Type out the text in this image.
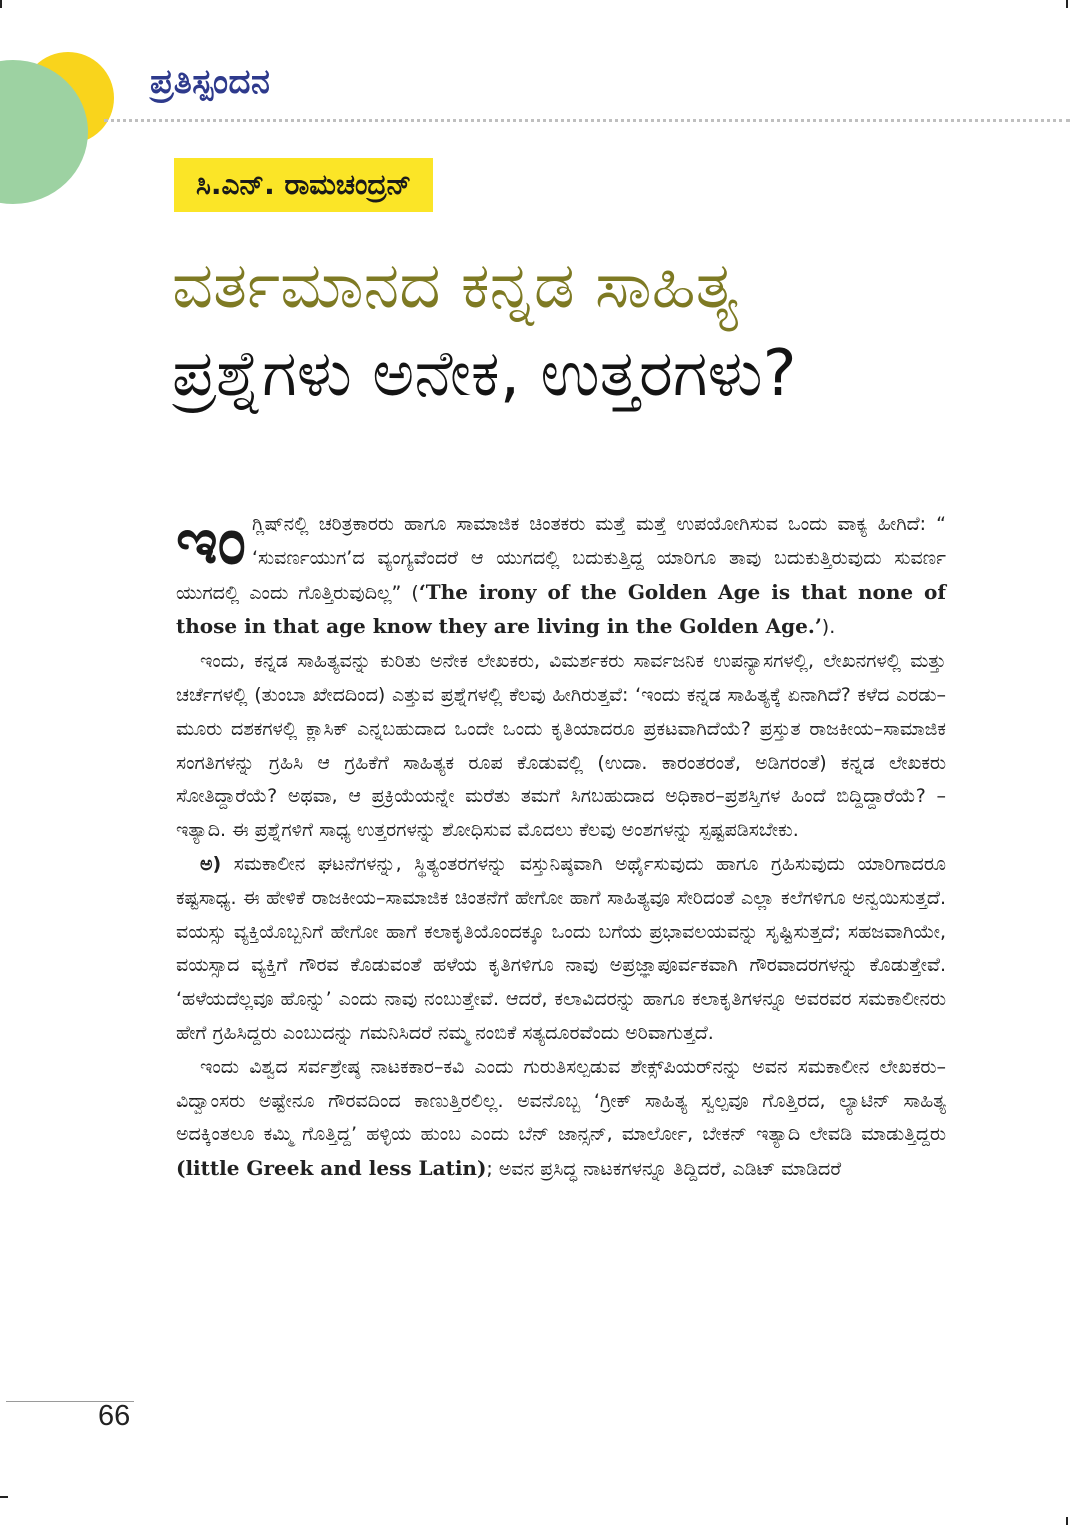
ಪ್ರತಿಸ್ಪಂದನ
ಸಿ.ಎನ್. ರಾಮಚಂದ್ರನ್
ವರ್ತಮಾನದ ಕನ್ನಡ ಸಾಹಿತ್ಯ
ಪ್ರಶ್ನೆಗಳು ಅನೇಕ, ಉತ್ತರಗಳು?

ಇಂಗ್ಲಿಷ್‌ನಲ್ಲಿ ಚರಿತ್ರಕಾರರು ಹಾಗೂ ಸಾಮಾಜಿಕ ಚಿಂತಕರು ಮತ್ತೆ ಮತ್ತೆ ಉಪಯೋಗಿಸುವ ಒಂದು ವಾಕ್ಯ ಹೀಗಿದೆ: “ ‘ಸುವರ್ಣಯುಗ’ದ ವ್ಯಂಗ್ಯವೆಂದರೆ ಆ ಯುಗದಲ್ಲಿ ಬದುಕುತ್ತಿದ್ದ ಯಾರಿಗೂ ತಾವು ಬದುಕುತ್ತಿರುವುದು ಸುವರ್ಣ ಯುಗದಲ್ಲಿ ಎಂದು ಗೊತ್ತಿರುವುದಿಲ್ಲ” (‘The irony of the Golden Age is that none of those in that age know they are living in the Golden Age.’).

ಇಂದು, ಕನ್ನಡ ಸಾಹಿತ್ಯವನ್ನು ಕುರಿತು ಅನೇಕ ಲೇಖಕರು, ವಿಮರ್ಶಕರು ಸಾರ್ವಜನಿಕ ಉಪನ್ಯಾಸಗಳಲ್ಲಿ, ಲೇಖನಗಳಲ್ಲಿ ಮತ್ತು ಚರ್ಚೆಗಳಲ್ಲಿ (ತುಂಬಾ ಖೇದದಿಂದ) ಎತ್ತುವ ಪ್ರಶ್ನೆಗಳಲ್ಲಿ ಕೆಲವು ಹೀಗಿರುತ್ತವೆ: ‘ಇಂದು ಕನ್ನಡ ಸಾಹಿತ್ಯಕ್ಕೆ ಏನಾಗಿದೆ? ಕಳೆದ ಎರಡು–ಮೂರು ದಶಕಗಳಲ್ಲಿ ಕ್ಲಾಸಿಕ್ ಎನ್ನಬಹುದಾದ ಒಂದೇ ಒಂದು ಕೃತಿಯಾದರೂ ಪ್ರಕಟವಾಗಿದೆಯೆ? ಪ್ರಸ್ತುತ ರಾಜಕೀಯ–ಸಾಮಾಜಿಕ ಸಂಗತಿಗಳನ್ನು ಗ್ರಹಿಸಿ ಆ ಗ್ರಹಿಕೆಗೆ ಸಾಹಿತ್ಯಕ ರೂಪ ಕೊಡುವಲ್ಲಿ (ಉದಾ. ಕಾರಂತರಂತೆ, ಅಡಿಗರಂತೆ) ಕನ್ನಡ ಲೇಖಕರು ಸೋತಿದ್ದಾರೆಯೆ? ಅಥವಾ, ಆ ಪ್ರಕ್ರಿಯೆಯನ್ನೇ ಮರೆತು ತಮಗೆ ಸಿಗಬಹುದಾದ ಅಧಿಕಾರ–ಪ್ರಶಸ್ತಿಗಳ ಹಿಂದೆ ಬಿದ್ದಿದ್ದಾರೆಯೆ? –ಇತ್ಯಾದಿ. ಈ ಪ್ರಶ್ನೆಗಳಿಗೆ ಸಾಧ್ಯ ಉತ್ತರಗಳನ್ನು ಶೋಧಿಸುವ ಮೊದಲು ಕೆಲವು ಅಂಶಗಳನ್ನು ಸ್ಪಷ್ಟಪಡಿಸಬೇಕು.

ಅ) ಸಮಕಾಲೀನ ಘಟನೆಗಳನ್ನು, ಸ್ಥಿತ್ಯಂತರಗಳನ್ನು ವಸ್ತುನಿಷ್ಠವಾಗಿ ಅರ್ಥೈಸುವುದು ಹಾಗೂ ಗ್ರಹಿಸುವುದು ಯಾರಿಗಾದರೂ ಕಷ್ಟಸಾಧ್ಯ. ಈ ಹೇಳಿಕೆ ರಾಜಕೀಯ–ಸಾಮಾಜಿಕ ಚಿಂತನೆಗೆ ಹೇಗೋ ಹಾಗೆ ಸಾಹಿತ್ಯವೂ ಸೇರಿದಂತೆ ಎಲ್ಲಾ ಕಲೆಗಳಿಗೂ ಅನ್ವಯಿಸುತ್ತದೆ. ವಯಸ್ಸು ವ್ಯಕ್ತಿಯೊಬ್ಬನಿಗೆ ಹೇಗೋ ಹಾಗೆ ಕಲಾಕೃತಿಯೊಂದಕ್ಕೂ ಒಂದು ಬಗೆಯ ಪ್ರಭಾವಲಯವನ್ನು ಸೃಷ್ಟಿಸುತ್ತದೆ; ಸಹಜವಾಗಿಯೇ, ವಯಸ್ಸಾದ ವ್ಯಕ್ತಿಗೆ ಗೌರವ ಕೊಡುವಂತೆ ಹಳೆಯ ಕೃತಿಗಳಿಗೂ ನಾವು ಅಪ್ರಜ್ಞಾಪೂರ್ವಕವಾಗಿ ಗೌರವಾದರಗಳನ್ನು ಕೊಡುತ್ತೇವೆ. ‘ಹಳೆಯದೆಲ್ಲವೂ ಹೊನ್ನು’ ಎಂದು ನಾವು ನಂಬುತ್ತೇವೆ. ಆದರೆ, ಕಲಾವಿದರನ್ನು ಹಾಗೂ ಕಲಾಕೃತಿಗಳನ್ನೂ ಅವರವರ ಸಮಕಾಲೀನರು ಹೇಗೆ ಗ್ರಹಿಸಿದ್ದರು ಎಂಬುದನ್ನು ಗಮನಿಸಿದರೆ ನಮ್ಮ ನಂಬಿಕೆ ಸತ್ಯದೂರವೆಂದು ಅರಿವಾಗುತ್ತದೆ.

ಇಂದು ವಿಶ್ವದ ಸರ್ವಶ್ರೇಷ್ಠ ನಾಟಕಕಾರ–ಕವಿ ಎಂದು ಗುರುತಿಸಲ್ಪಡುವ ಶೇಕ್ಸ್‌ಪಿಯರ್‌ನನ್ನು ಅವನ ಸಮಕಾಲೀನ ಲೇಖಕರು–ವಿದ್ವಾಂಸರು ಅಷ್ಟೇನೂ ಗೌರವದಿಂದ ಕಾಣುತ್ತಿರಲಿಲ್ಲ. ಅವನೊಬ್ಬ ‘ಗ್ರೀಕ್ ಸಾಹಿತ್ಯ ಸ್ವಲ್ಪವೂ ಗೊತ್ತಿರದ, ಲ್ಯಾಟಿನ್ ಸಾಹಿತ್ಯ ಅದಕ್ಕಿಂತಲೂ ಕಮ್ಮಿ ಗೊತ್ತಿದ್ದ’ ಹಳ್ಳಿಯ ಹುಂಬ ಎಂದು ಬೆನ್ ಜಾನ್ಸನ್, ಮಾರ್ಲೋ, ಬೇಕನ್ ಇತ್ಯಾದಿ ಲೇವಡಿ ಮಾಡುತ್ತಿದ್ದರು (little Greek and less Latin); ಅವನ ಪ್ರಸಿದ್ಧ ನಾಟಕಗಳನ್ನೂ ತಿದ್ದಿದರೆ, ಎಡಿಟ್ ಮಾಡಿದರೆ

66
